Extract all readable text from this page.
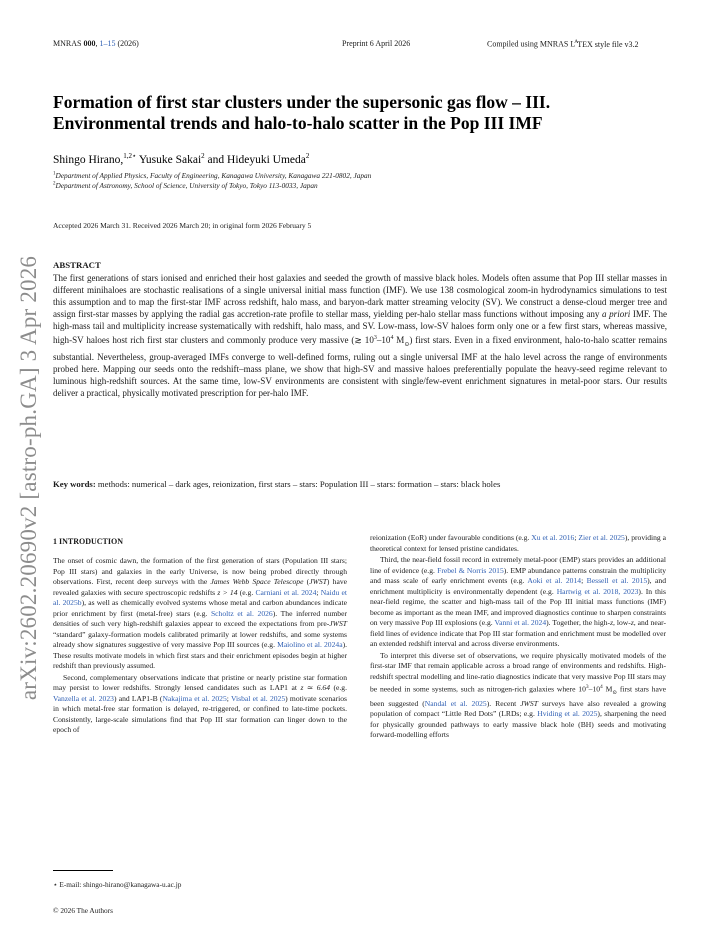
MNRAS 000, 1–15 (2026)	Preprint 6 April 2026	Compiled using MNRAS $L^ATEX$ style file v3.2
arXiv:2602.20690v2 [astro-ph.GA] 3 Apr 2026
Formation of first star clusters under the supersonic gas flow – III.
Environmental trends and halo-to-halo scatter in the Pop III IMF
Shingo Hirano,$^{1,2⋆}$ Yusuke Sakai$^2$ and Hideyuki Umeda$^2$
$^1$Department of Applied Physics, Faculty of Engineering, Kanagawa University, Kanagawa 221-0802, Japan
$^2$Department of Astronomy, School of Science, University of Tokyo, Tokyo 113-0033, Japan
Accepted 2026 March 31. Received 2026 March 20; in original form 2026 February 5
ABSTRACT

The first generations of stars ionised and enriched their host galaxies and seeded the growth of massive black holes. Models often assume that Pop III stellar masses in different minihaloes are stochastic realisations of a single universal initial mass function (IMF). We use 138 cosmological zoom-in hydrodynamics simulations to test this assumption and to map the first-star IMF across redshift, halo mass, and baryon-dark matter streaming velocity (SV). We construct a dense-cloud merger tree and assign first-star masses by applying the radial gas accretion-rate profile to stellar mass, yielding per-halo stellar mass functions without imposing any a priori IMF. The high-mass tail and multiplicity increase systematically with redshift, halo mass, and SV. Low-mass, low-SV haloes form only one or a few first stars, whereas massive, high-SV haloes host rich first star clusters and commonly produce very massive (≳ $10^3-10^4$ $M_⊙$) first stars. Even in a fixed environment, halo-to-halo scatter remains substantial. Nevertheless, group-averaged IMFs converge to well-defined forms, ruling out a single universal IMF at the halo level across the range of environments probed here. Mapping our seeds onto the redshift–mass plane, we show that high-SV and massive haloes preferentially populate the heavy-seed regime relevant to luminous high-redshift sources. At the same time, low-SV environments are consistent with single/few-event enrichment signatures in metal-poor stars. Our results deliver a practical, physically motivated prescription for per-halo IMF.

Key words: methods: numerical – dark ages, reionization, first stars – stars: Population III – stars: formation – stars: black holes
1 INTRODUCTION

The onset of cosmic dawn, the formation of the first generation of stars (Population III stars; Pop III stars) and galaxies in the early Universe, is now being probed directly through observations. First, recent deep surveys with the James Webb Space Telescope (JWST) have revealed galaxies with secure spectroscopic redshifts z > 14 (e.g. Carniani et al. 2024; Naidu et al. 2025b), as well as chemically evolved systems whose metal and carbon abundances indicate prior enrichment by first (metal-free) stars (e.g. Scholtz et al. 2026). The inferred number densities of such very high-redshift galaxies appear to exceed the expectations from pre-JWST “standard” galaxy-formation models calibrated primarily at lower redshifts, and some systems already show signatures suggestive of very massive Pop III sources (e.g. Maiolino et al. 2024a). These results motivate models in which first stars and their enrichment episodes begin at higher redshift than previously assumed.

Second, complementary observations indicate that pristine or nearly pristine star formation may persist to lower redshifts. Strongly lensed candidates such as LAP1 at z ≃ 6.64 (e.g. Vanzella et al. 2023) and LAP1-B (Nakajima et al. 2025; Visbal et al. 2025) motivate scenarios in which metal-free star formation is delayed, re-triggered, or confined to late-time pockets. Consistently, large-scale simulations find that Pop III star formation can linger down to the epoch of

reionization (EoR) under favourable conditions (e.g. Xu et al. 2016; Zier et al. 2025), providing a theoretical context for lensed pristine candidates.

Third, the near-field fossil record in extremely metal-poor (EMP) stars provides an additional line of evidence (e.g. Frebel & Norris 2015). EMP abundance patterns constrain the multiplicity and mass scale of early enrichment events (e.g. Aoki et al. 2014; Bessell et al. 2015), and enrichment multiplicity is environmentally dependent (e.g. Hartwig et al. 2018, 2023). In this near-field regime, the scatter and high-mass tail of the Pop III initial mass functions (IMF) become as important as the mean IMF, and improved diagnostics continue to sharpen constraints on very massive Pop III explosions (e.g. Vanni et al. 2024). Together, the high-z, low-z, and near-field lines of evidence indicate that Pop III star formation and enrichment must be modelled over an extended redshift interval and across diverse environments.

To interpret this diverse set of observations, we require physically motivated models of the first-star IMF that remain applicable across a broad range of environments and redshifts. High-redshift spectral modelling and line-ratio diagnostics indicate that very massive Pop III stars may be needed in some systems, such as nitrogen-rich galaxies where $10^3-10^4$ $M_⊙$ first stars have been suggested (Nandal et al. 2025). Recent JWST surveys have also revealed a growing population of compact “Little Red Dots” (LRDs; e.g. Hviding et al. 2025), sharpening the need for physically grounded pathways to early massive black hole (BH) seeds and motivating forward-modelling efforts

⋆ E-mail: shingo-hirano@kanagawa-u.ac.jp
© 2026 The Authors
